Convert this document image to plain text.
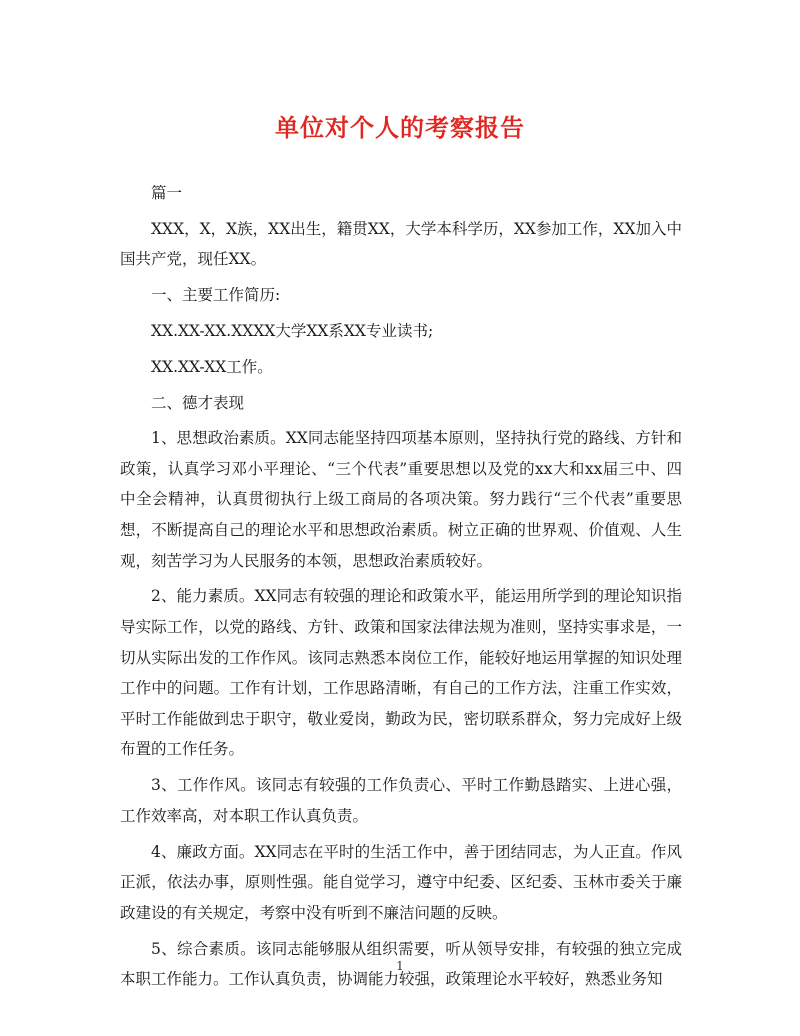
单位对个人的考察报告

篇一

XXX，X，X族，XX出生，籍贯XX，大学本科学历，XX参加工作，XX加入中国共产党，现任XX。

一、主要工作简历:

XX.XX-XX.XXXX大学XX系XX专业读书;

XX.XX-XX工作。

二、德才表现

1、思想政治素质。XX同志能坚持四项基本原则，坚持执行党的路线、方针和政策，认真学习邓小平理论、“三个代表”重要思想以及党的xx大和xx届三中、四中全会精神，认真贯彻执行上级工商局的各项决策。努力践行“三个代表”重要思想，不断提高自己的理论水平和思想政治素质。树立正确的世界观、价值观、人生观，刻苦学习为人民服务的本领，思想政治素质较好。

2、能力素质。XX同志有较强的理论和政策水平，能运用所学到的理论知识指导实际工作，以党的路线、方针、政策和国家法律法规为准则，坚持实事求是，一切从实际出发的工作作风。该同志熟悉本岗位工作，能较好地运用掌握的知识处理工作中的问题。工作有计划，工作思路清晰，有自己的工作方法，注重工作实效，平时工作能做到忠于职守，敬业爱岗，勤政为民，密切联系群众，努力完成好上级布置的工作任务。

3、工作作风。该同志有较强的工作负责心、平时工作勤恳踏实、上进心强，工作效率高，对本职工作认真负责。

4、廉政方面。XX同志在平时的生活工作中，善于团结同志，为人正直。作风正派，依法办事，原则性强。能自觉学习，遵守中纪委、区纪委、玉林市委关于廉政建设的有关规定，考察中没有听到不廉洁问题的反映。

5、综合素质。该同志能够服从组织需要，听从领导安排，有较强的独立完成本职工作能力。工作认真负责，协调能力较强，政策理论水平较好，熟悉业务知

1
